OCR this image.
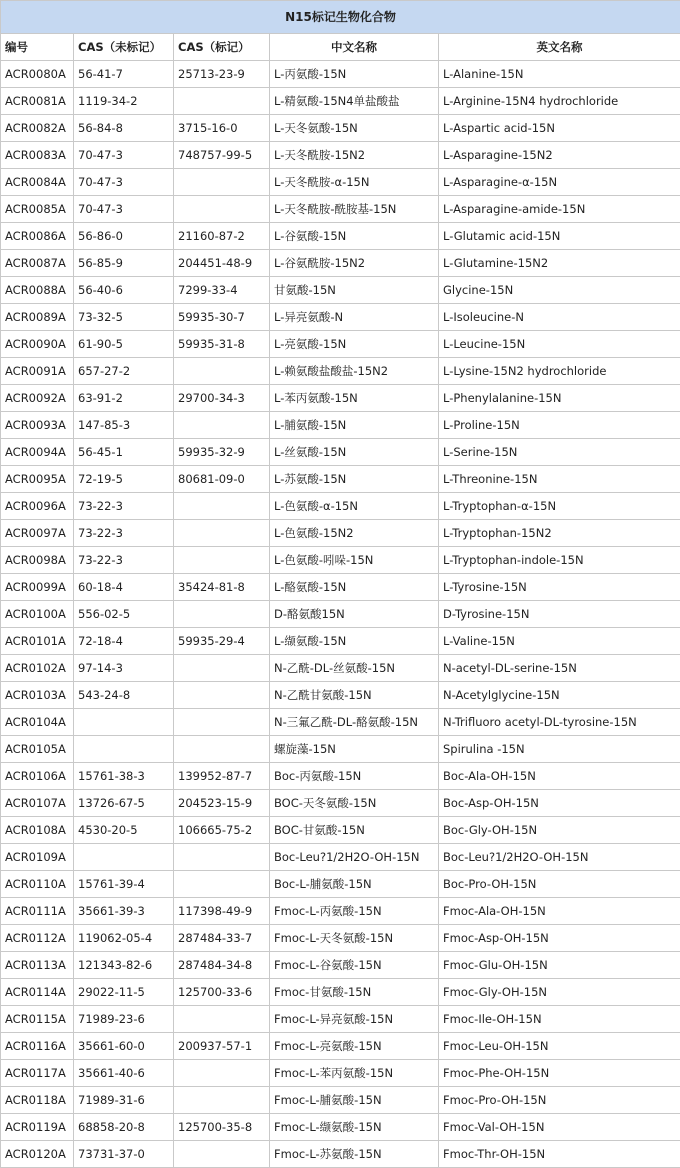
N15标记生物化合物				
编号	CAS（未标记）	CAS（标记）	中文名称	英文名称
ACR0080A	56-41-7	25713-23-9	L-丙氨酸-15N	L-Alanine-15N
ACR0081A	1119-34-2		L-精氨酸-15N4单盐酸盐	L-Arginine-15N4 hydrochloride
ACR0082A	56-84-8	3715-16-0	L-天冬氨酸-15N	L-Aspartic acid-15N
ACR0083A	70-47-3	748757-99-5	L-天冬酰胺-15N2	L-Asparagine-15N2
ACR0084A	70-47-3		L-天冬酰胺-α-15N	L-Asparagine-α-15N
ACR0085A	70-47-3		L-天冬酰胺-酰胺基-15N	L-Asparagine-amide-15N
ACR0086A	56-86-0	21160-87-2	L-谷氨酸-15N	L-Glutamic acid-15N
ACR0087A	56-85-9	204451-48-9	L-谷氨酰胺-15N2	L-Glutamine-15N2
ACR0088A	56-40-6	7299-33-4	甘氨酸-15N	Glycine-15N
ACR0089A	73-32-5	59935-30-7	L-异亮氨酸-N	L-Isoleucine-N
ACR0090A	61-90-5	59935-31-8	L-亮氨酸-15N	L-Leucine-15N
ACR0091A	657-27-2		L-赖氨酸盐酸盐-15N2	L-Lysine-15N2 hydrochloride
ACR0092A	63-91-2	29700-34-3	L-苯丙氨酸-15N	L-Phenylalanine-15N
ACR0093A	147-85-3		L-脯氨酸-15N	L-Proline-15N
ACR0094A	56-45-1	59935-32-9	L-丝氨酸-15N	L-Serine-15N
ACR0095A	72-19-5	80681-09-0	L-苏氨酸-15N	L-Threonine-15N
ACR0096A	73-22-3		L-色氨酸-α-15N	L-Tryptophan-α-15N
ACR0097A	73-22-3		L-色氨酸-15N2	L-Tryptophan-15N2
ACR0098A	73-22-3		L-色氨酸-吲哚-15N	L-Tryptophan-indole-15N
ACR0099A	60-18-4	35424-81-8	L-酪氨酸-15N	L-Tyrosine-15N
ACR0100A	556-02-5		D-酪氨酸15N	D-Tyrosine-15N
ACR0101A	72-18-4	59935-29-4	L-缬氨酸-15N	L-Valine-15N
ACR0102A	97-14-3		N-乙酰-DL-丝氨酸-15N	N-acetyl-DL-serine-15N
ACR0103A	543-24-8		N-乙酰甘氨酸-15N	N-Acetylglycine-15N
ACR0104A			N-三氟乙酰-DL-酪氨酸-15N	N-Trifluoro acetyl-DL-tyrosine-15N
ACR0105A			螺旋藻-15N	Spirulina -15N
ACR0106A	15761-38-3	139952-87-7	Boc-丙氨酸-15N	Boc-Ala-OH-15N
ACR0107A	13726-67-5	204523-15-9	BOC-天冬氨酸-15N	Boc-Asp-OH-15N
ACR0108A	4530-20-5	106665-75-2	BOC-甘氨酸-15N	Boc-Gly-OH-15N
ACR0109A			Boc-Leu?1/2H2O-OH-15N	Boc-Leu?1/2H2O-OH-15N
ACR0110A	15761-39-4		Boc-L-脯氨酸-15N	Boc-Pro-OH-15N
ACR0111A	35661-39-3	117398-49-9	Fmoc-L-丙氨酸-15N	Fmoc-Ala-OH-15N
ACR0112A	119062-05-4	287484-33-7	Fmoc-L-天冬氨酸-15N	Fmoc-Asp-OH-15N
ACR0113A	121343-82-6	287484-34-8	Fmoc-L-谷氨酸-15N	Fmoc-Glu-OH-15N
ACR0114A	29022-11-5	125700-33-6	Fmoc-甘氨酸-15N	Fmoc-Gly-OH-15N
ACR0115A	71989-23-6		Fmoc-L-异亮氨酸-15N	Fmoc-Ile-OH-15N
ACR0116A	35661-60-0	200937-57-1	Fmoc-L-亮氨酸-15N	Fmoc-Leu-OH-15N
ACR0117A	35661-40-6		Fmoc-L-苯丙氨酸-15N	Fmoc-Phe-OH-15N
ACR0118A	71989-31-6		Fmoc-L-脯氨酸-15N	Fmoc-Pro-OH-15N
ACR0119A	68858-20-8	125700-35-8	Fmoc-L-缬氨酸-15N	Fmoc-Val-OH-15N
ACR0120A	73731-37-0		Fmoc-L-苏氨酸-15N	Fmoc-Thr-OH-15N
